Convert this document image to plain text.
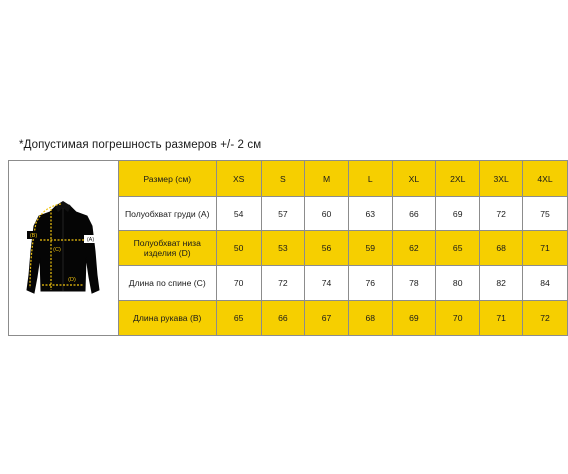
*Допустимая погрешность размеров +/- 2 см
(B)
(A)
(C)
(D)	Размер (см)	XS	S	M	L	XL	2XL	3XL	4XL
	Полуобхват груди (А)	54	57	60	63	66	69	72	75
	Полуобхват низа изделия (D)	50	53	56	59	62	65	68	71
	Длина по спине (С)	70	72	74	76	78	80	82	84
	Длина рукава (В)	65	66	67	68	69	70	71	72
